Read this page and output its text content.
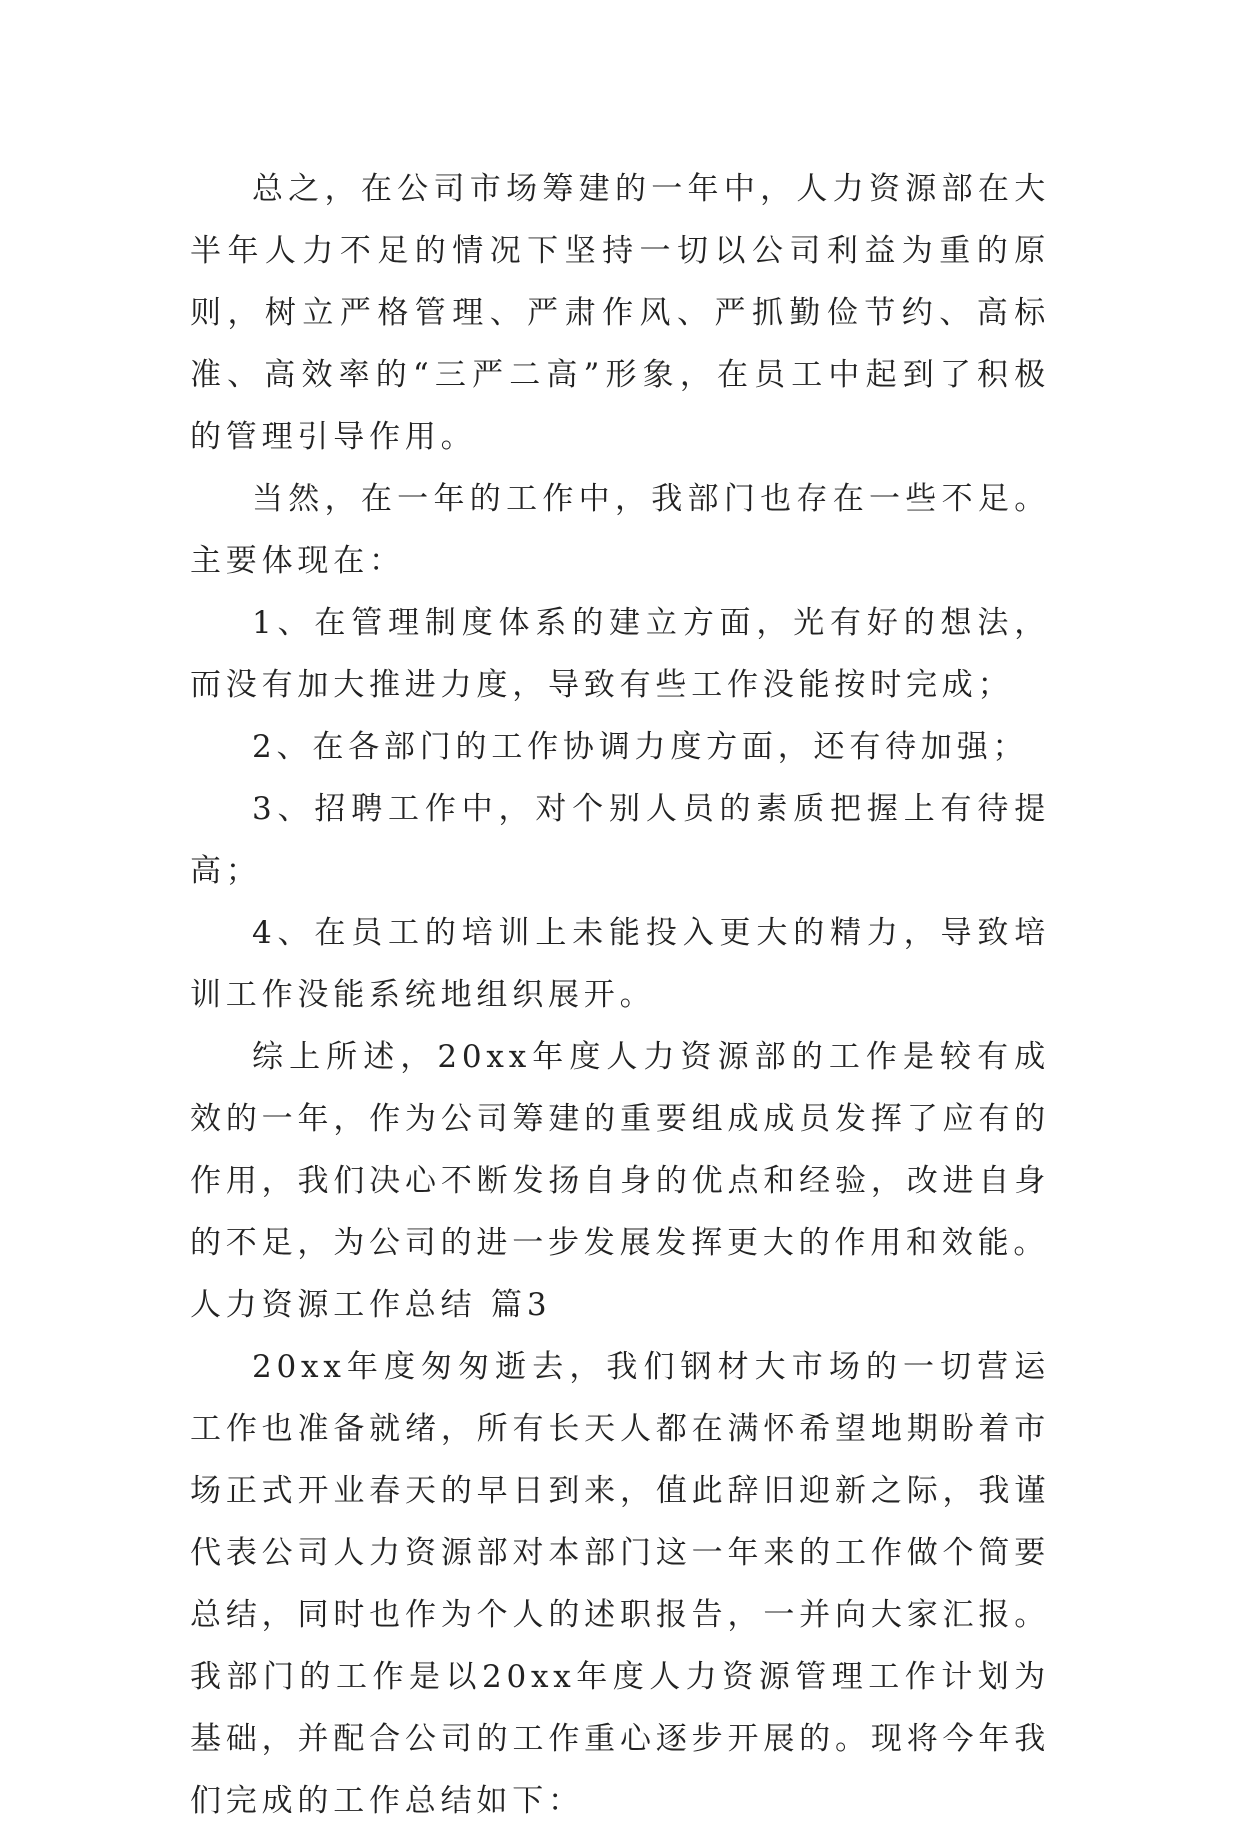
总之，在公司市场筹建的一年中，人力资源部在大半年人力不足的情况下坚持一切以公司利益为重的原则，树立严格管理、严肃作风、严抓勤俭节约、高标准、高效率的“三严二高”形象，在员工中起到了积极的管理引导作用。

当然，在一年的工作中，我部门也存在一些不足。主要体现在：

1、在管理制度体系的建立方面，光有好的想法，而没有加大推进力度，导致有些工作没能按时完成；

2、在各部门的工作协调力度方面，还有待加强；

3、招聘工作中，对个别人员的素质把握上有待提高；

4、在员工的培训上未能投入更大的精力，导致培训工作没能系统地组织展开。

综上所述，20xx年度人力资源部的工作是较有成效的一年，作为公司筹建的重要组成成员发挥了应有的作用，我们决心不断发扬自身的优点和经验，改进自身的不足，为公司的进一步发展发挥更大的作用和效能。

人力资源工作总结 篇3

20xx年度匆匆逝去，我们钢材大市场的一切营运工作也准备就绪，所有长天人都在满怀希望地期盼着市场正式开业春天的早日到来，值此辞旧迎新之际，我谨代表公司人力资源部对本部门这一年来的工作做个简要总结，同时也作为个人的述职报告，一并向大家汇报。 我部门的工作是以20xx年度人力资源管理工作计划为基础，并配合公司的工作重心逐步开展的。现将今年我们完成的工作总结如下：
